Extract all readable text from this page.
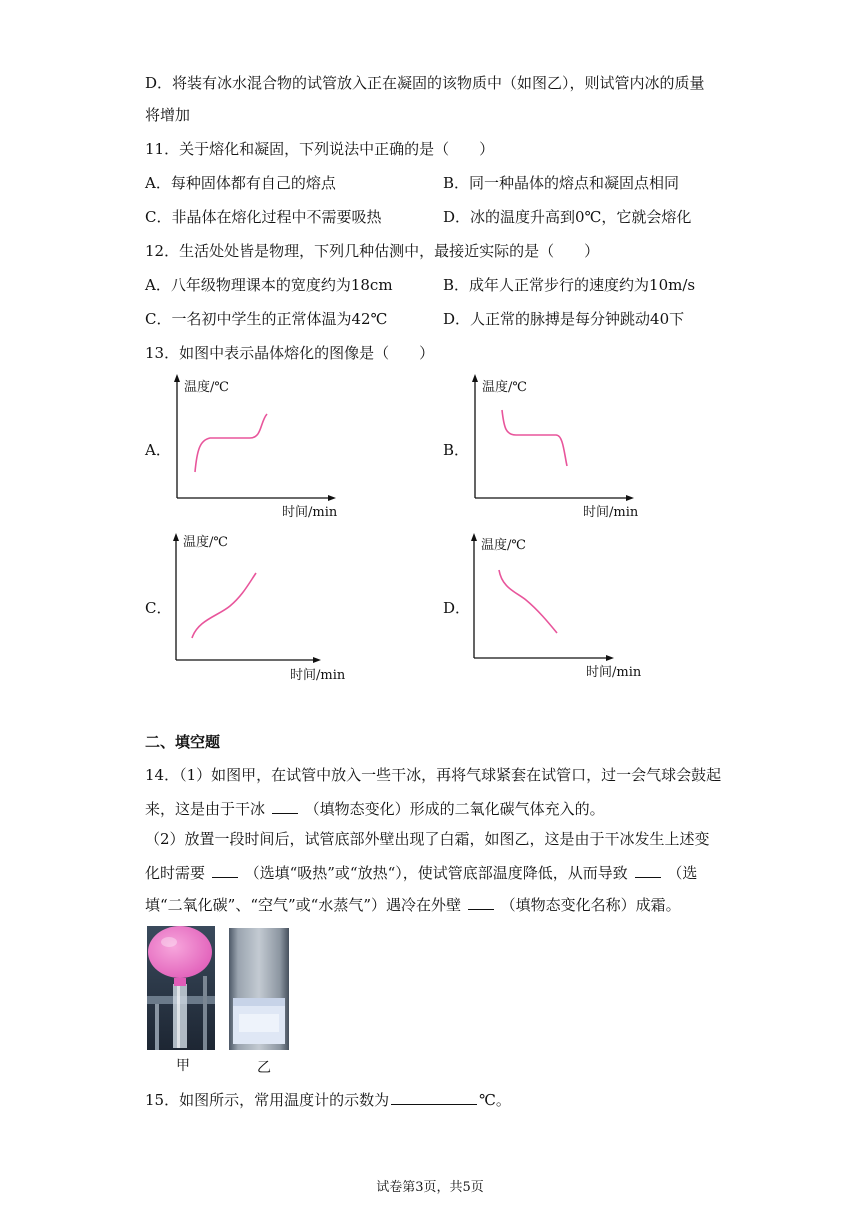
D．将装有冰水混合物的试管放入正在凝固的该物质中（如图乙），则试管内冰的质量
将增加
11．关于熔化和凝固，下列说法中正确的是（　　）
A．每种固体都有自己的熔点	B．同一种晶体的熔点和凝固点相同
C．非晶体在熔化过程中不需要吸热	D．冰的温度升高到0℃，它就会熔化
12．生活处处皆是物理，下列几种估测中，最接近实际的是（　　）
A．八年级物理课本的宽度约为18cm	B．成年人正常步行的速度约为10m/s
C．一名初中学生的正常体温为42℃	D．人正常的脉搏是每分钟跳动40下
13．如图中表示晶体熔化的图像是（　　）
A．
温度/℃
时间/min
B．
温度/℃
时间/min
C．
温度/℃
时间/min
D．
温度/℃
时间/min
二、填空题
14．（1）如图甲，在试管中放入一些干冰，再将气球紧套在试管口，过一会气球会鼓起
来，这是由于干冰	（填物态变化）形成的二氧化碳气体充入的。
（2）放置一段时间后，试管底部外壁出现了白霜，如图乙，这是由于干冰发生上述变
化时需要	（选填“吸热”或“放热“），使试管底部温度降低，从而导致	（选
填“二氧化碳”、“空气”或“水蒸气”）遇冷在外壁	（填物态变化名称）成霜。
甲	乙
15．如图所示，常用温度计的示数为	℃。
试卷第3页，共5页
